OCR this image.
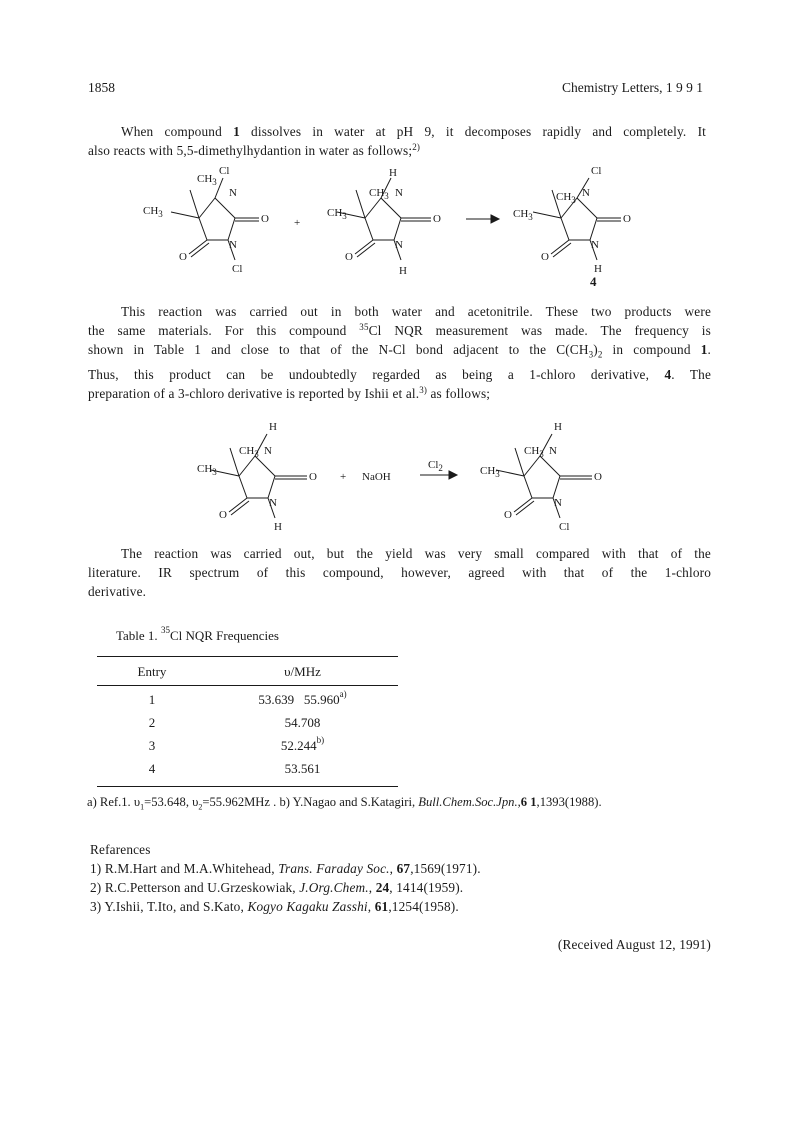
1858	Chemistry Letters, 1 9 9 1

When compound 1 dissolves in water at pH 9, it decomposes rapidly and completely. It

also reacts with 5,5-dimethylhydantion in water as follows;$^{2)}$

$CH_3$
$CH_3$
N
N
O
O
Cl
Cl
+
$CH_3$
$CH_3$
N
N
O
O
H
H
$CH_3$
$CH_3$
N
N
O
O
Cl
H
4

This reaction was carried out in both water and acetonitrile. These two products were

the same materials. For this compound $^{35}$Cl NQR measurement was made. The frequency is

shown in Table 1 and close to that of the N-Cl bond adjacent to the $C(CH_3)_2$ in compound 1.

Thus, this product can be undoubtedly regarded as being a 1-chloro derivative, 4. The

preparation of a 3-chloro derivative is reported by Ishii et al.$^{3)}$ as follows;

$CH_3$
$CH_3$
N
N
O
O
H
H
+ NaOH
$Cl_2$
$CH_3$
$CH_3$
N
N
O
O
H
Cl

The reaction was carried out, but the yield was very small compared with that of the

literature. IR spectrum of this compound, however, agreed with that of the 1-chloro

derivative.

Table 1. $^{35}$Cl NQR Frequencies
Entry	υ/MHz
1	53.639   55.960$^{a)}$
2	54.708
3	52.244$^{b)}$
4	53.561
a) Ref.1. $\upsilon_1=53.648$, $\upsilon_2=55.962MHz$ . b) Y.Nagao and S.Katagiri, Bull.Chem.Soc.Jpn.,6 1,1393(1988).
Refarences
1) R.M.Hart and M.A.Whitehead, Trans. Faraday Soc., 67,1569(1971).
2) R.C.Petterson and U.Grzeskowiak, J.Org.Chem., 24, 1414(1959).
3) Y.Ishii, T.Ito, and S.Kato, Kogyo Kagaku Zasshi, 61,1254(1958).
(Received August 12, 1991)
